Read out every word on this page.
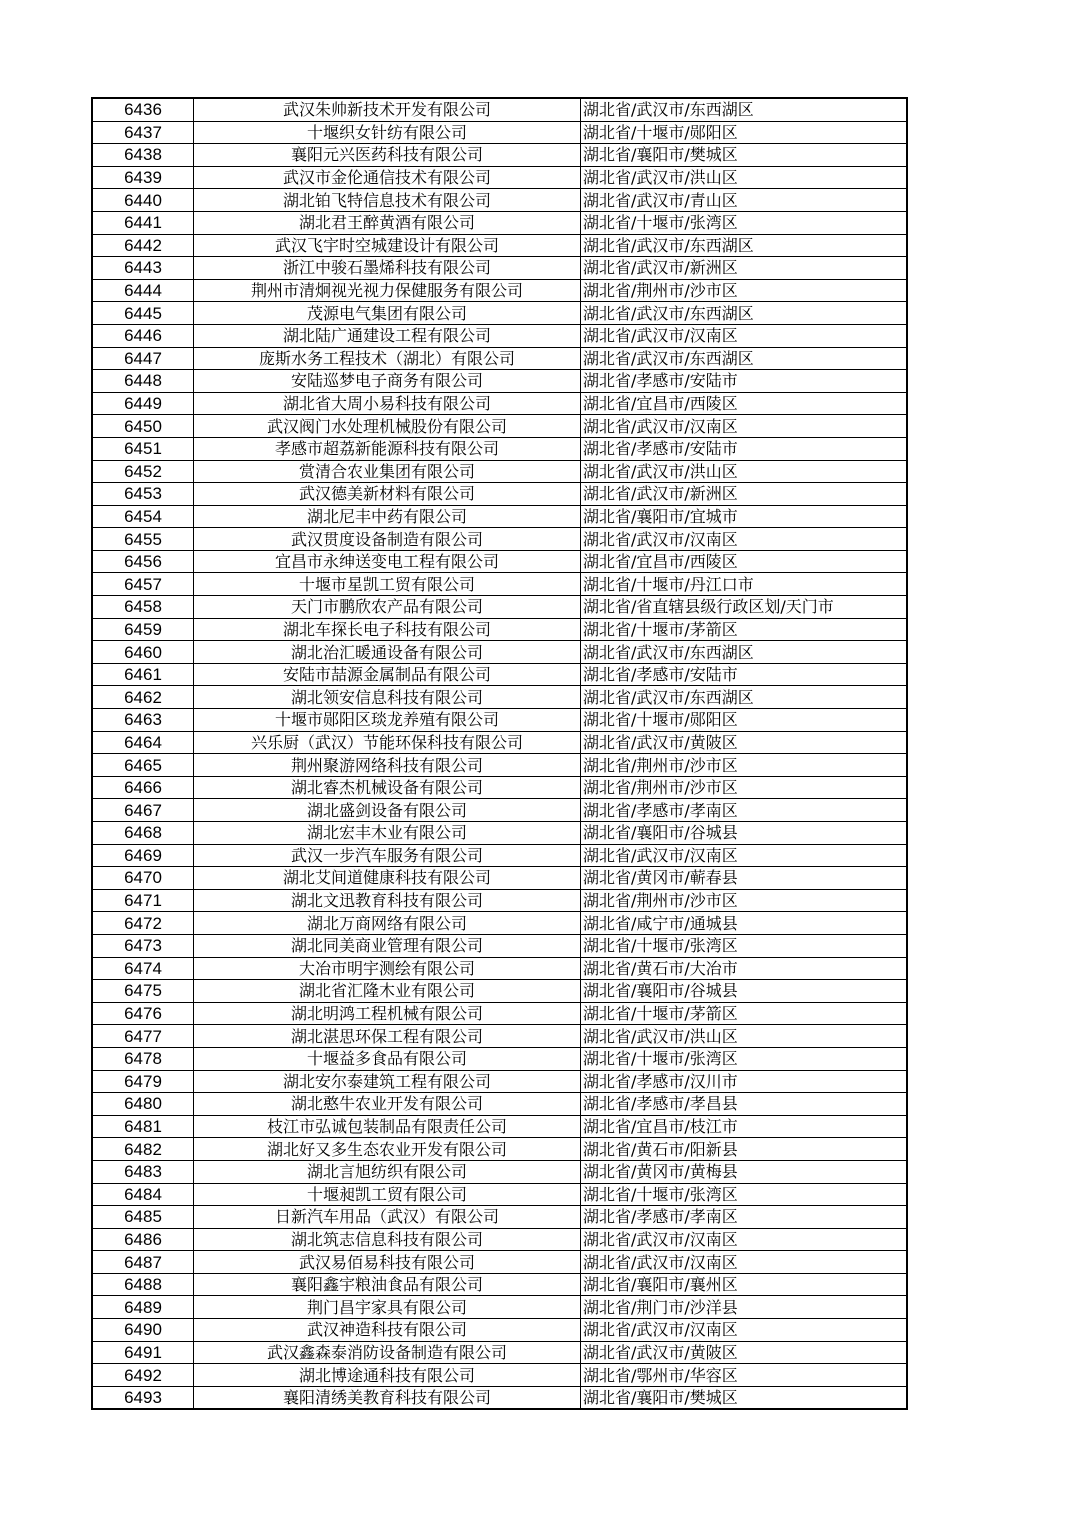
6436	武汉朱帅新技术开发有限公司	湖北省/武汉市/东西湖区
6437	十堰织女针纺有限公司	湖北省/十堰市/郧阳区
6438	襄阳元兴医药科技有限公司	湖北省/襄阳市/樊城区
6439	武汉市金伦通信技术有限公司	湖北省/武汉市/洪山区
6440	湖北铂飞特信息技术有限公司	湖北省/武汉市/青山区
6441	湖北君王醉黄酒有限公司	湖北省/十堰市/张湾区
6442	武汉飞宇时空城建设计有限公司	湖北省/武汉市/东西湖区
6443	浙江中骏石墨烯科技有限公司	湖北省/武汉市/新洲区
6444	荆州市清炯视光视力保健服务有限公司	湖北省/荆州市/沙市区
6445	茂源电气集团有限公司	湖北省/武汉市/东西湖区
6446	湖北陆广通建设工程有限公司	湖北省/武汉市/汉南区
6447	庞斯水务工程技术（湖北）有限公司	湖北省/武汉市/东西湖区
6448	安陆巡梦电子商务有限公司	湖北省/孝感市/安陆市
6449	湖北省大周小易科技有限公司	湖北省/宜昌市/西陵区
6450	武汉阀门水处理机械股份有限公司	湖北省/武汉市/汉南区
6451	孝感市超荔新能源科技有限公司	湖北省/孝感市/安陆市
6452	赏清合农业集团有限公司	湖北省/武汉市/洪山区
6453	武汉德美新材料有限公司	湖北省/武汉市/新洲区
6454	湖北尼丰中药有限公司	湖北省/襄阳市/宜城市
6455	武汉贯度设备制造有限公司	湖北省/武汉市/汉南区
6456	宜昌市永绅送变电工程有限公司	湖北省/宜昌市/西陵区
6457	十堰市星凯工贸有限公司	湖北省/十堰市/丹江口市
6458	天门市鹏欣农产品有限公司	湖北省/省直辖县级行政区划/天门市
6459	湖北车探长电子科技有限公司	湖北省/十堰市/茅箭区
6460	湖北治汇暖通设备有限公司	湖北省/武汉市/东西湖区
6461	安陆市喆源金属制品有限公司	湖北省/孝感市/安陆市
6462	湖北领安信息科技有限公司	湖北省/武汉市/东西湖区
6463	十堰市郧阳区琰龙养殖有限公司	湖北省/十堰市/郧阳区
6464	兴乐厨（武汉）节能环保科技有限公司	湖北省/武汉市/黄陂区
6465	荆州聚游网络科技有限公司	湖北省/荆州市/沙市区
6466	湖北睿杰机械设备有限公司	湖北省/荆州市/沙市区
6467	湖北盛剑设备有限公司	湖北省/孝感市/孝南区
6468	湖北宏丰木业有限公司	湖北省/襄阳市/谷城县
6469	武汉一步汽车服务有限公司	湖北省/武汉市/汉南区
6470	湖北艾间道健康科技有限公司	湖北省/黄冈市/蕲春县
6471	湖北文迅教育科技有限公司	湖北省/荆州市/沙市区
6472	湖北万商网络有限公司	湖北省/咸宁市/通城县
6473	湖北同美商业管理有限公司	湖北省/十堰市/张湾区
6474	大冶市明宇测绘有限公司	湖北省/黄石市/大冶市
6475	湖北省汇隆木业有限公司	湖北省/襄阳市/谷城县
6476	湖北明鸿工程机械有限公司	湖北省/十堰市/茅箭区
6477	湖北湛思环保工程有限公司	湖北省/武汉市/洪山区
6478	十堰益多食品有限公司	湖北省/十堰市/张湾区
6479	湖北安尔泰建筑工程有限公司	湖北省/孝感市/汉川市
6480	湖北憨牛农业开发有限公司	湖北省/孝感市/孝昌县
6481	枝江市弘诚包装制品有限责任公司	湖北省/宜昌市/枝江市
6482	湖北好又多生态农业开发有限公司	湖北省/黄石市/阳新县
6483	湖北言旭纺织有限公司	湖北省/黄冈市/黄梅县
6484	十堰昶凯工贸有限公司	湖北省/十堰市/张湾区
6485	日新汽车用品（武汉）有限公司	湖北省/孝感市/孝南区
6486	湖北筑志信息科技有限公司	湖北省/武汉市/汉南区
6487	武汉易佰易科技有限公司	湖北省/武汉市/汉南区
6488	襄阳鑫宇粮油食品有限公司	湖北省/襄阳市/襄州区
6489	荆门昌宇家具有限公司	湖北省/荆门市/沙洋县
6490	武汉神造科技有限公司	湖北省/武汉市/汉南区
6491	武汉鑫森泰消防设备制造有限公司	湖北省/武汉市/黄陂区
6492	湖北博途通科技有限公司	湖北省/鄂州市/华容区
6493	襄阳清绣美教育科技有限公司	湖北省/襄阳市/樊城区
